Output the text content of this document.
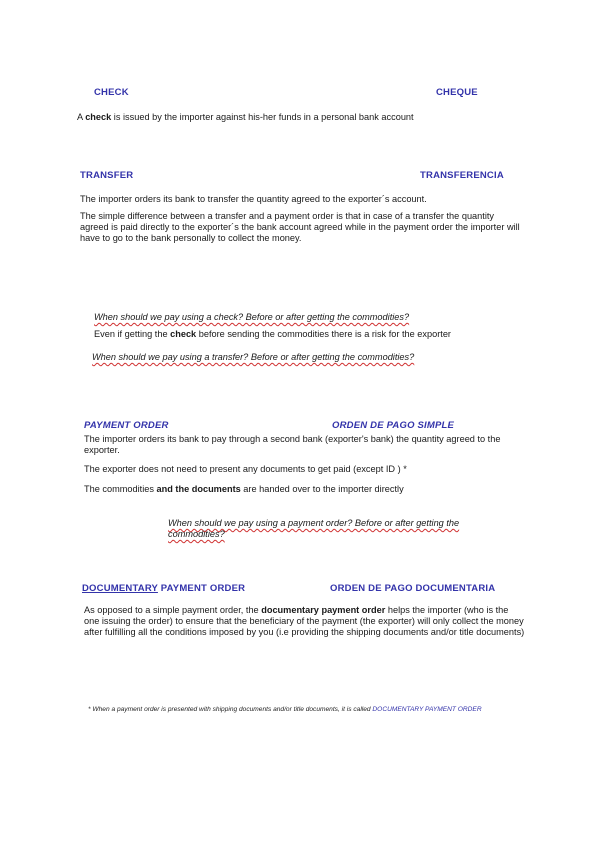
CHECK	CHEQUE
A check is issued by the importer against his-her funds in a personal bank account
TRANSFER	TRANSFERENCIA
The importer orders its bank to transfer the quantity agreed to the exporter´s account.
The simple difference between a transfer and a payment order is that in case of a transfer the quantity agreed is paid directly to the exporter´s the bank account agreed while in the payment order the importer will have to go to the bank personally to collect the money.
When should we pay using a check? Before or after getting the commodities?
Even if getting the check before sending the commodities there is a risk for the exporter
When should we pay using a transfer? Before or after getting the commodities?
PAYMENT ORDER	ORDEN DE PAGO SIMPLE
The importer orders its bank to pay through a second bank (exporter's bank) the quantity agreed to the exporter.
The exporter does not need to present any documents to get paid (except ID ) *
The commodities and the documents are handed over to the importer directly
When should we pay using a payment order? Before or after getting the commodities?
DOCUMENTARY PAYMENT ORDER	ORDEN DE PAGO DOCUMENTARIA
As opposed to a simple payment order, the documentary payment order helps the importer (who is the one issuing the order) to ensure that the beneficiary of the payment (the exporter) will only collect the money after fulfilling all the conditions imposed by you (i.e providing the shipping documents and/or title documents)
* When a payment order is presented with shipping documents and/or title documents, it is called DOCUMENTARY PAYMENT ORDER
